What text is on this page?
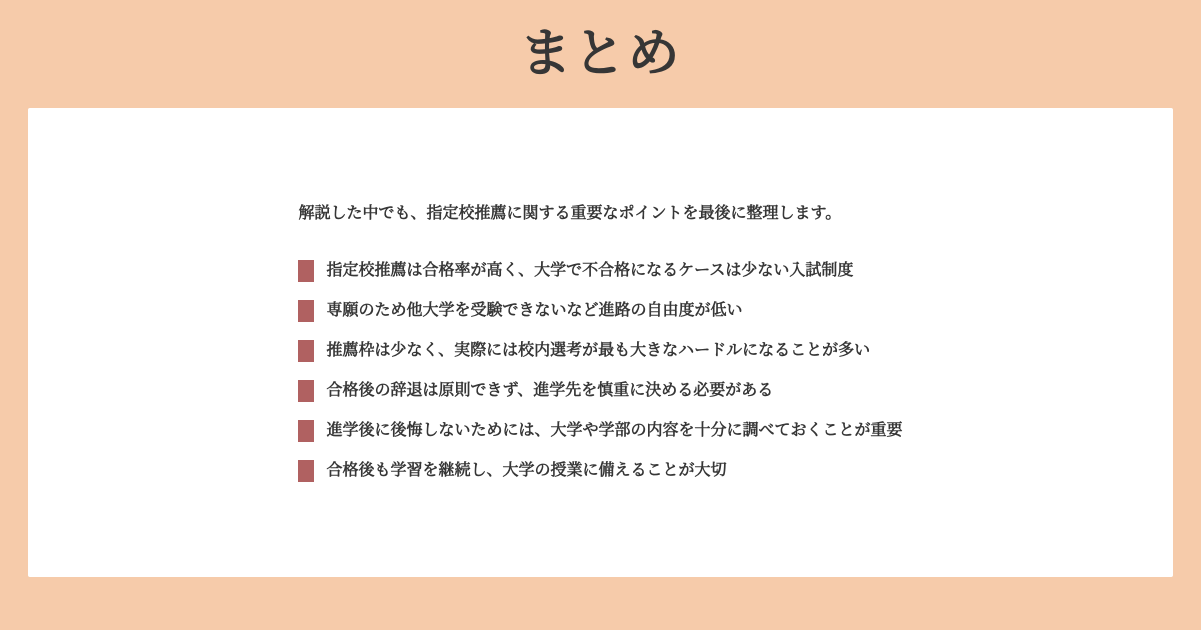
まとめ

解説した中でも、指定校推薦に関する重要なポイントを最後に整理します。

指定校推薦は合格率が高く、大学で不合格になるケースは少ない入試制度
専願のため他大学を受験できないなど進路の自由度が低い
推薦枠は少なく、実際には校内選考が最も大きなハードルになることが多い
合格後の辞退は原則できず、進学先を慎重に決める必要がある
進学後に後悔しないためには、大学や学部の内容を十分に調べておくことが重要
合格後も学習を継続し、大学の授業に備えることが大切
